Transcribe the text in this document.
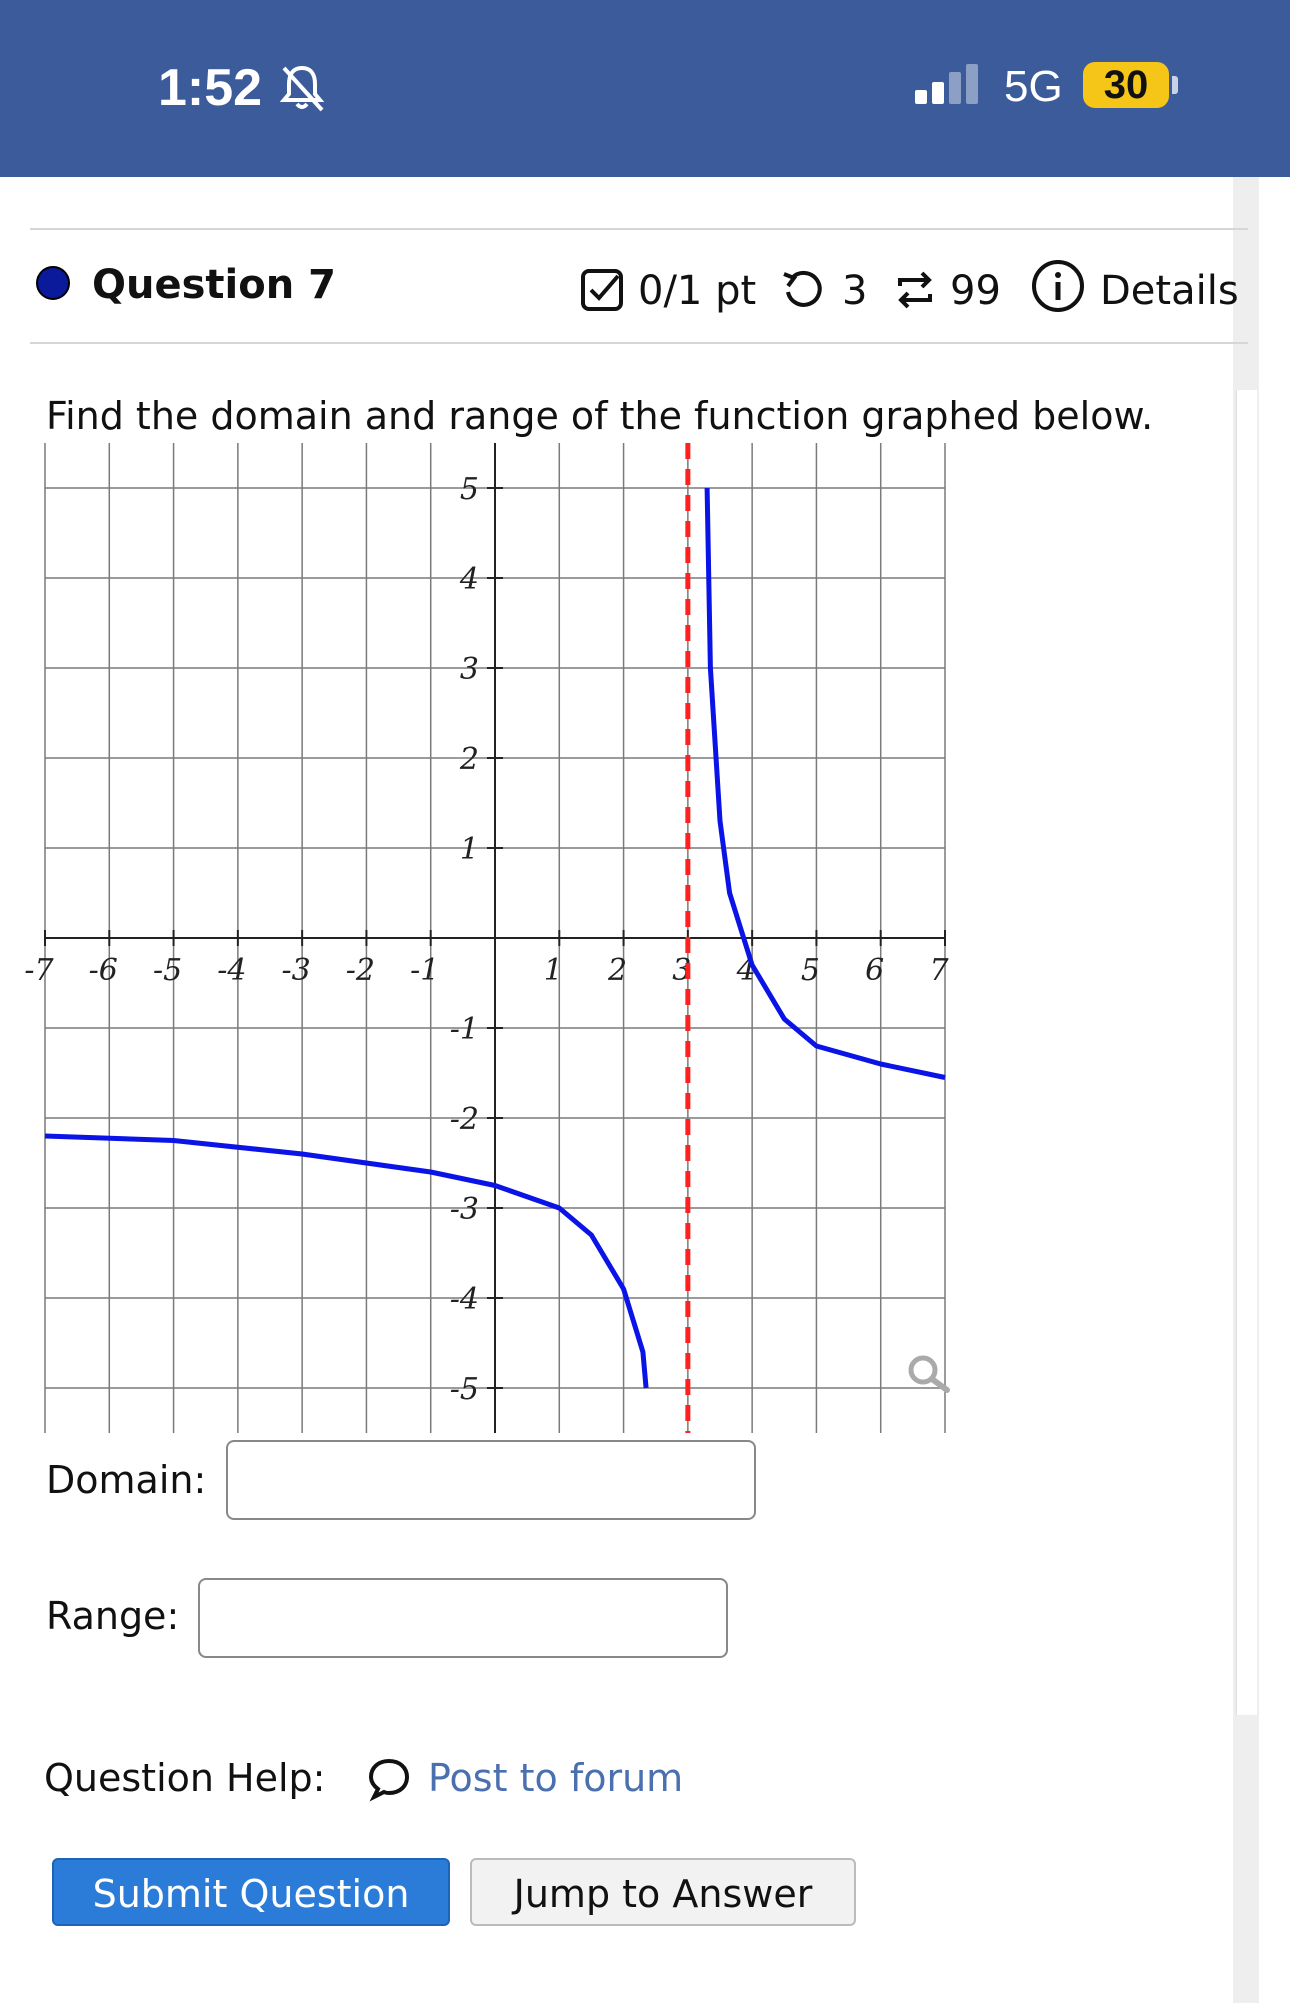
1:52	5G	30
Question 7	0/1 pt 3 99 Details
Find the domain and range of the function graphed below.
-7 -6 -5 -4 -3 -2 -1	1 2 3 4 5 6 7
5
4
3
2
1
-1
-2
-3
-4
-5
Domain:
Range:
Question Help:	Post to forum
Submit Question	Jump to Answer
